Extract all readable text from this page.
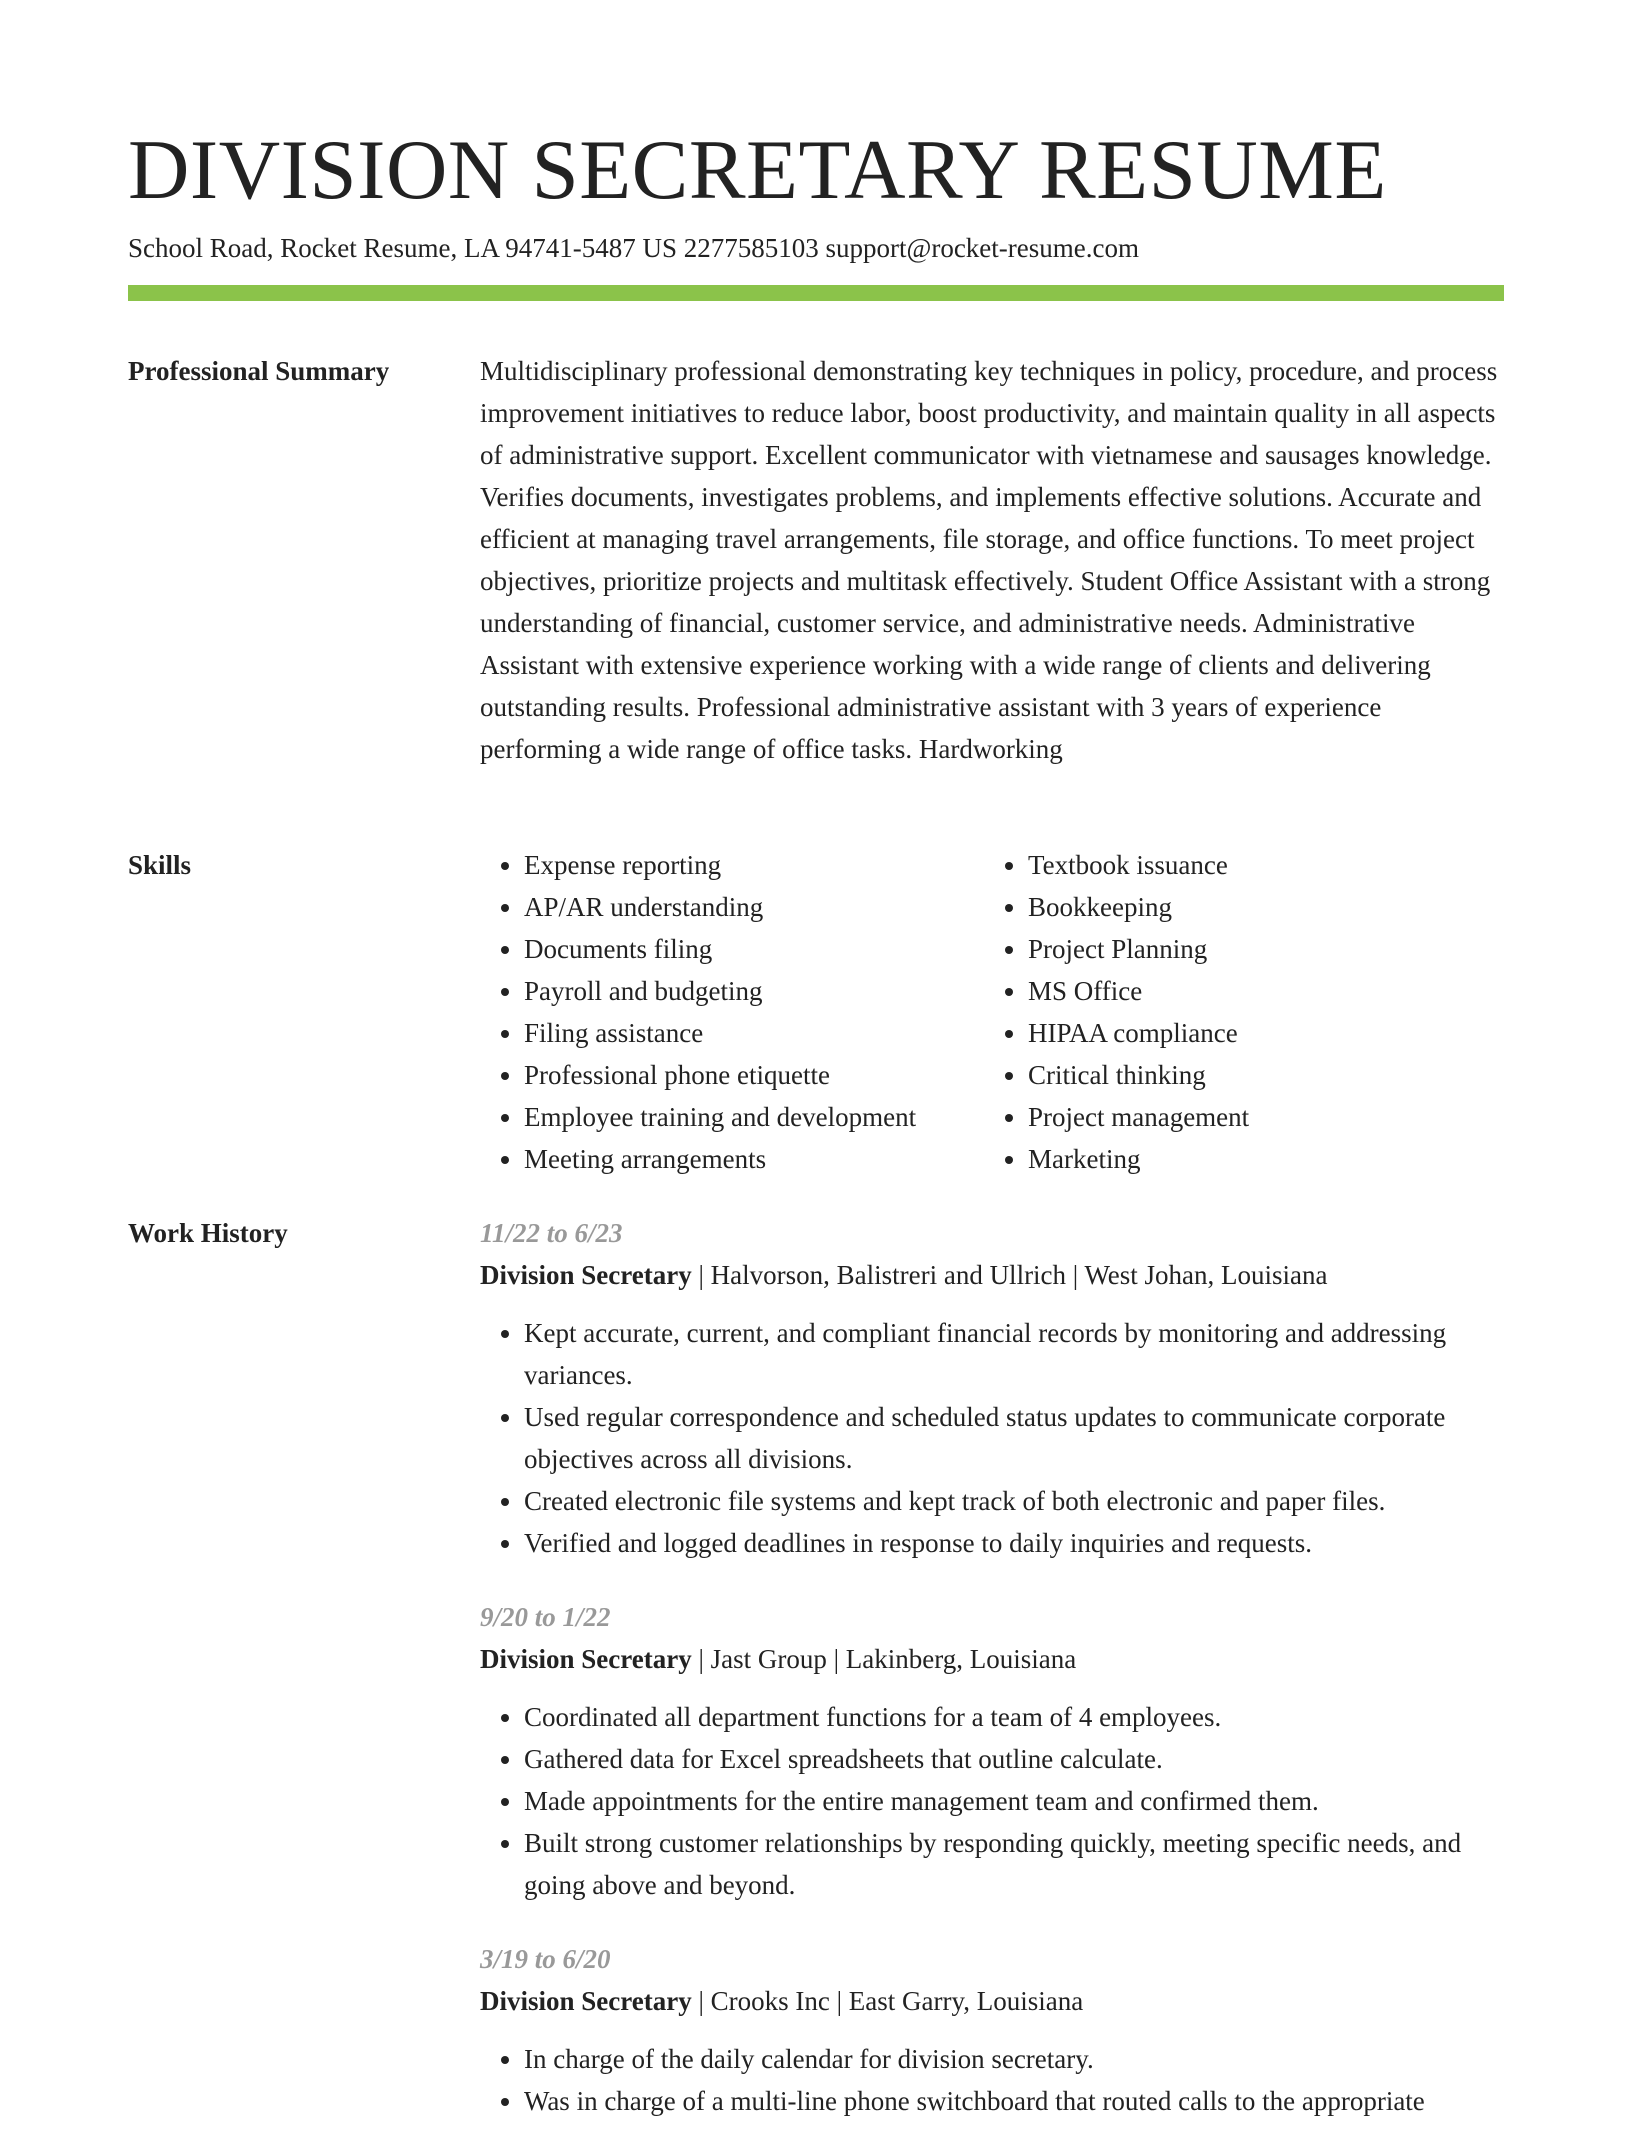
DIVISION SECRETARY RESUME
School Road, Rocket Resume, LA 94741-5487 US 2277585103 support@rocket-resume.com
Professional Summary	Multidisciplinary professional demonstrating key techniques in policy, procedure, and process improvement initiatives to reduce labor, boost productivity, and maintain quality in all aspects of administrative support. Excellent communicator with vietnamese and sausages knowledge. Verifies documents, investigates problems, and implements effective solutions. Accurate and efficient at managing travel arrangements, file storage, and office functions. To meet project objectives, prioritize projects and multitask effectively. Student Office Assistant with a strong understanding of financial, customer service, and administrative needs. Administrative Assistant with extensive experience working with a wide range of clients and delivering outstanding results. Professional administrative assistant with 3 years of experience performing a wide range of office tasks. Hardworking

Skills
•	Expense reporting
• AP/AR understanding
• Documents filing
• Payroll and budgeting
• Filing assistance
• Professional phone etiquette
• Employee training and development
• Meeting arrangements
• Textbook issuance
• Bookkeeping
• Project Planning
• MS Office
• HIPAA compliance
• Critical thinking
• Project management
• Marketing
Work History	11/22 to 6/23
Division Secretary | Halvorson, Balistreri and Ullrich | West Johan, Louisiana
• Kept accurate, current, and compliant financial records by monitoring and addressing variances.
• Used regular correspondence and scheduled status updates to communicate corporate objectives across all divisions.
• Created electronic file systems and kept track of both electronic and paper files.
• Verified and logged deadlines in response to daily inquiries and requests.
9/20 to 1/22
Division Secretary | Jast Group | Lakinberg, Louisiana
• Coordinated all department functions for a team of 4 employees.
• Gathered data for Excel spreadsheets that outline calculate.
• Made appointments for the entire management team and confirmed them.
• Built strong customer relationships by responding quickly, meeting specific needs, and going above and beyond.
3/19 to 6/20
Division Secretary | Crooks Inc | East Garry, Louisiana
• In charge of the daily calendar for division secretary.
• Was in charge of a multi-line phone switchboard that routed calls to the appropriate
